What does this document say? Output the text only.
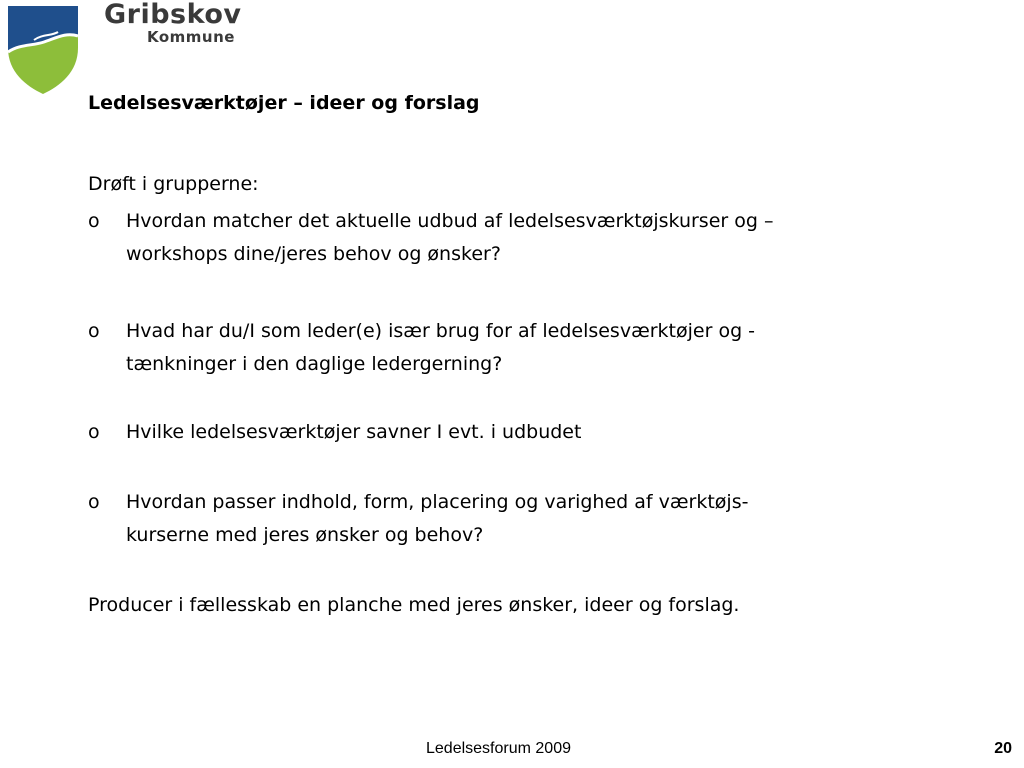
Gribskov
Kommune
Ledelsesværktøjer – ideer og forslag
Drøft i grupperne:
o Hvordan matcher det aktuelle udbud af ledelsesværktøjskurser og –
workshops dine/jeres behov og ønsker?
o Hvad har du/I som leder(e) især brug for af ledelsesværktøjer og -
tænkninger i den daglige ledergerning?
o Hvilke ledelsesværktøjer savner I evt. i udbudet
o Hvordan passer indhold, form, placering og varighed af værktøjs-
kurserne med jeres ønsker og behov?
Producer i fællesskab en planche med jeres ønsker, ideer og forslag.
Ledelsesforum 2009	20
